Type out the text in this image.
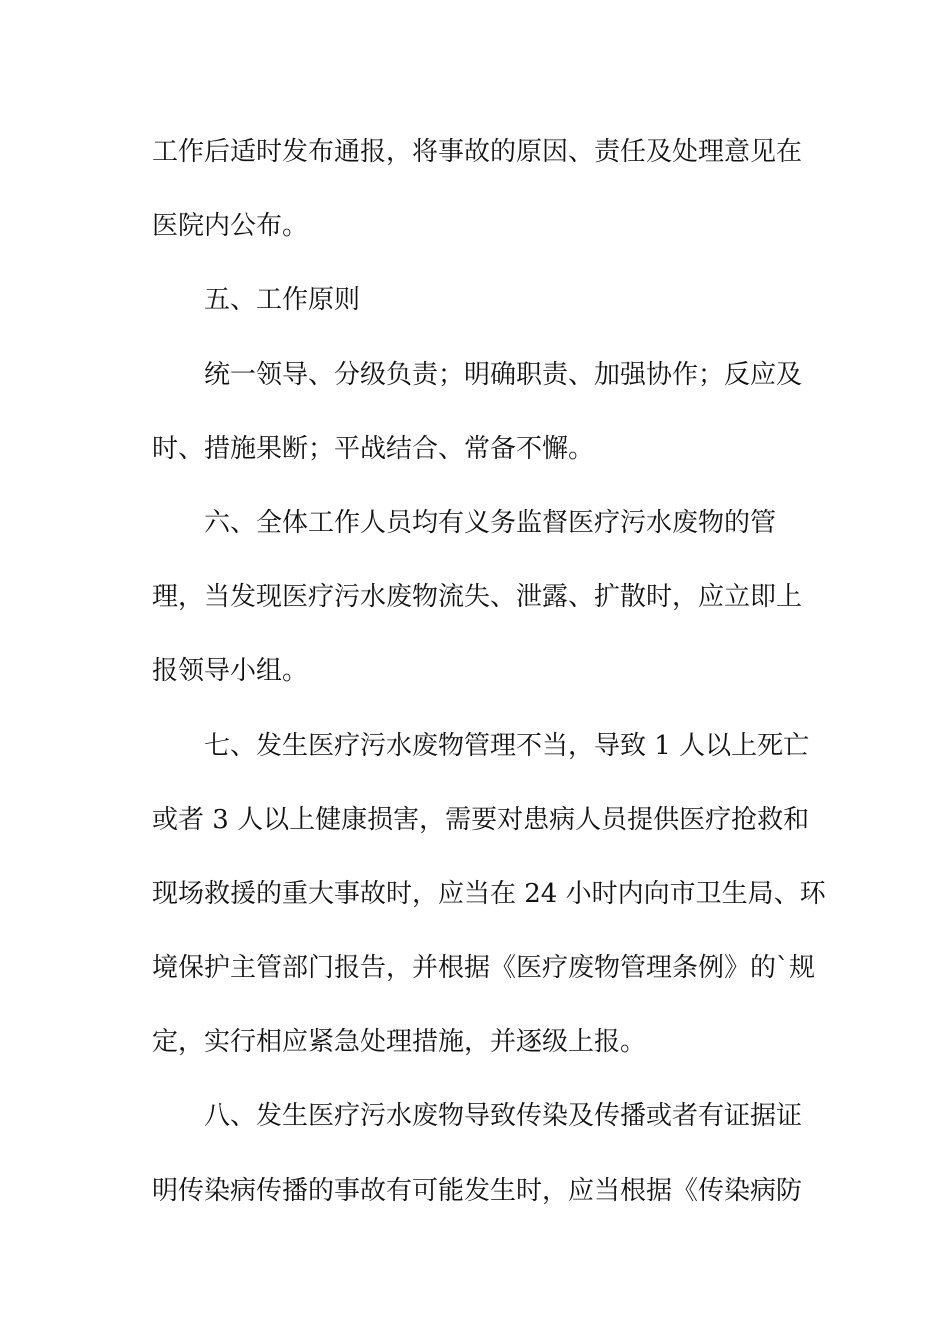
工作后适时发布通报，将事故的原因、责任及处理意见在
医院内公布。
五、工作原则
统一领导、分级负责；明确职责、加强协作；反应及
时、措施果断；平战结合、常备不懈。
六、全体工作人员均有义务监督医疗污水废物的管
理，当发现医疗污水废物流失、泄露、扩散时，应立即上
报领导小组。
七、发生医疗污水废物管理不当，导致 1 人以上死亡
或者 3 人以上健康损害，需要对患病人员提供医疗抢救和
现场救援的重大事故时，应当在 24 小时内向市卫生局、环
境保护主管部门报告，并根据《医疗废物管理条例》的`规
定，实行相应紧急处理措施，并逐级上报。
八、发生医疗污水废物导致传染及传播或者有证据证
明传染病传播的事故有可能发生时，应当根据《传染病防
